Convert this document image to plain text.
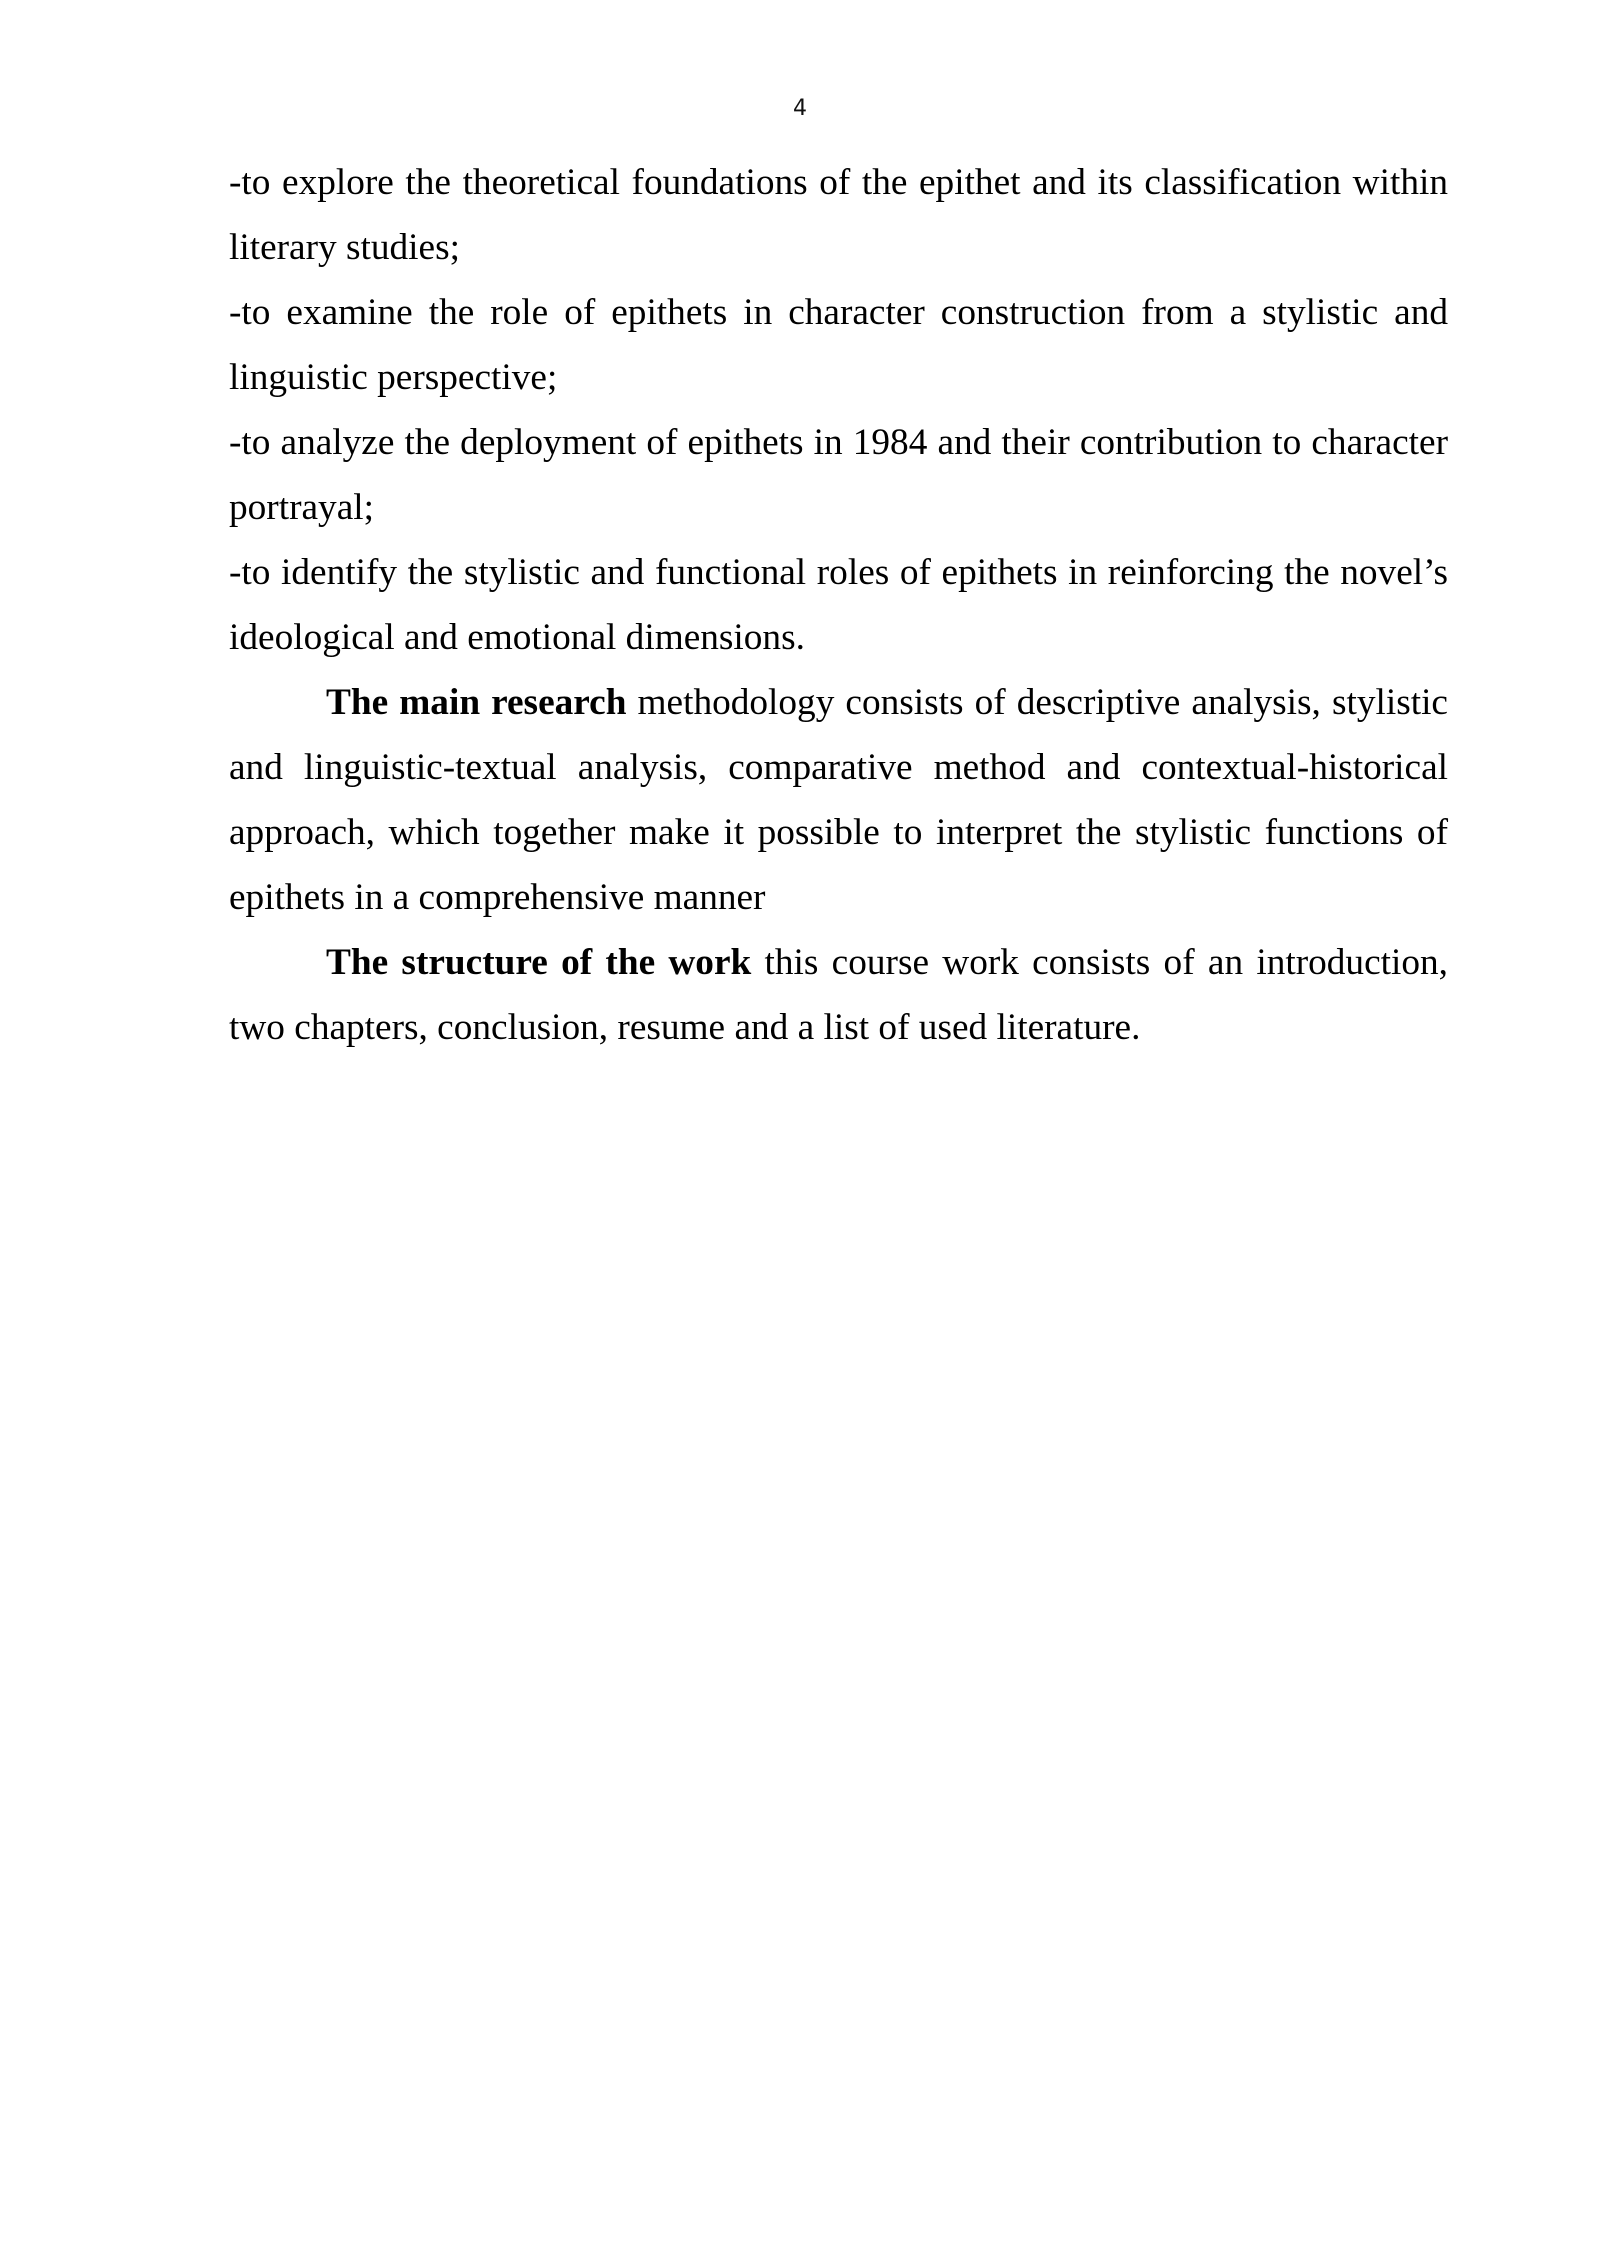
4

-to explore the theoretical foundations of the epithet and its classification within literary studies;

-to examine the role of epithets in character construction from a stylistic and linguistic perspective;

-to analyze the deployment of epithets in 1984 and their contribution to character portrayal;

-to identify the stylistic and functional roles of epithets in reinforcing the novel’s ideological and emotional dimensions.

The main research methodology consists of descriptive analysis, stylistic and linguistic-textual analysis, comparative method and contextual-historical approach, which together make it possible to interpret the stylistic functions of epithets in a comprehensive manner

The structure of the work this course work consists of an introduction, two chapters, conclusion, resume and a list of used literature.
